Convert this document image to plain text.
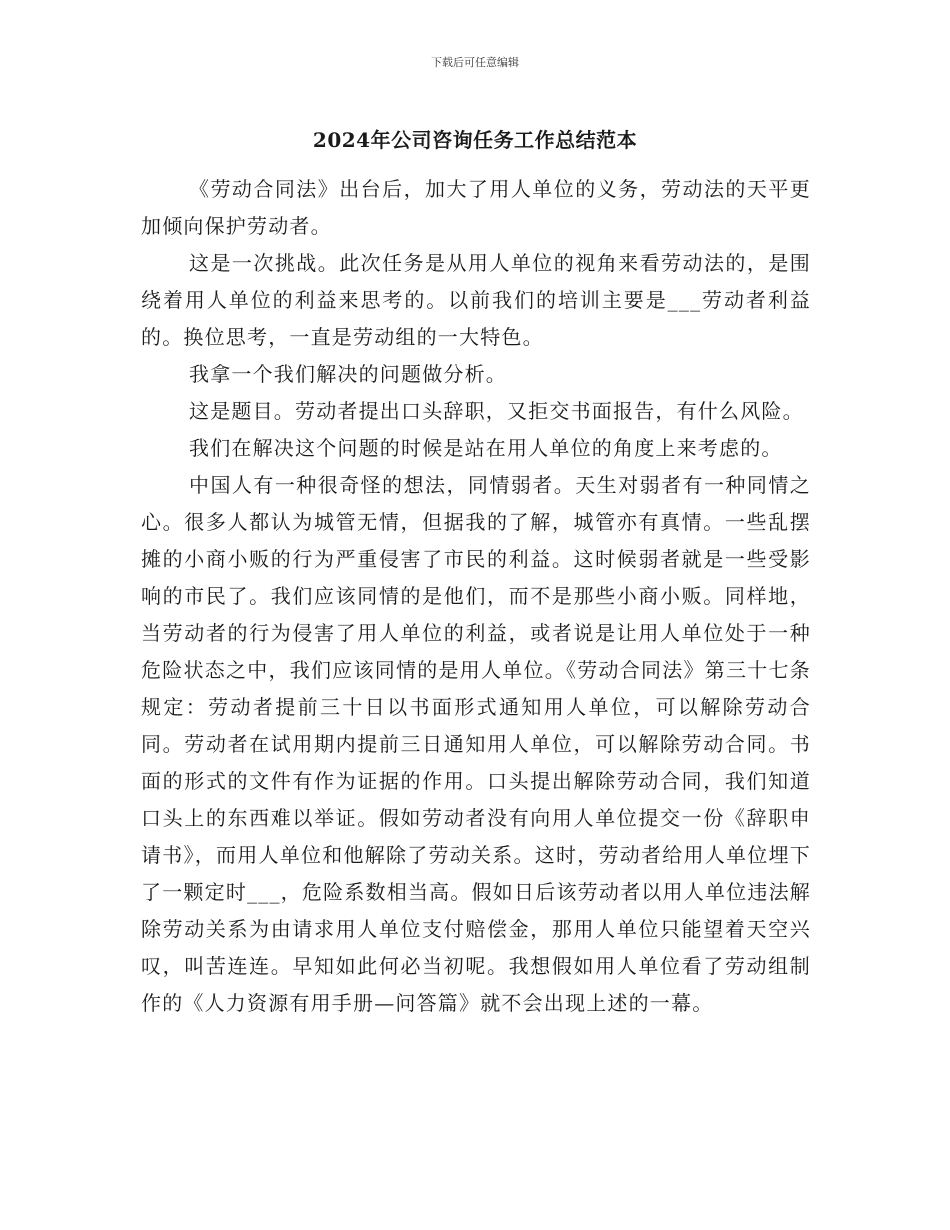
下载后可任意编辑
2024年公司咨询任务工作总结范本

《劳动合同法》出台后，加大了用人单位的义务，劳动法的天平更加倾向保护劳动者。

这是一次挑战。此次任务是从用人单位的视角来看劳动法的，是围绕着用人单位的利益来思考的。以前我们的培训主要是___劳动者利益的。换位思考，一直是劳动组的一大特色。

我拿一个我们解决的问题做分析。

这是题目。劳动者提出口头辞职，又拒交书面报告，有什么风险。

我们在解决这个问题的时候是站在用人单位的角度上来考虑的。

中国人有一种很奇怪的想法，同情弱者。天生对弱者有一种同情之心。很多人都认为城管无情，但据我的了解，城管亦有真情。一些乱摆摊的小商小贩的行为严重侵害了市民的利益。这时候弱者就是一些受影响的市民了。我们应该同情的是他们，而不是那些小商小贩。同样地，当劳动者的行为侵害了用人单位的利益，或者说是让用人单位处于一种危险状态之中，我们应该同情的是用人单位。《劳动合同法》第三十七条规定：劳动者提前三十日以书面形式通知用人单位，可以解除劳动合同。劳动者在试用期内提前三日通知用人单位，可以解除劳动合同。书面的形式的文件有作为证据的作用。口头提出解除劳动合同，我们知道口头上的东西难以举证。假如劳动者没有向用人单位提交一份《辞职申请书》，而用人单位和他解除了劳动关系。这时，劳动者给用人单位埋下了一颗定时___，危险系数相当高。假如日后该劳动者以用人单位违法解除劳动关系为由请求用人单位支付赔偿金，那用人单位只能望着天空兴叹，叫苦连连。早知如此何必当初呢。我想假如用人单位看了劳动组制作的《人力资源有用手册—问答篇》就不会出现上述的一幕。
